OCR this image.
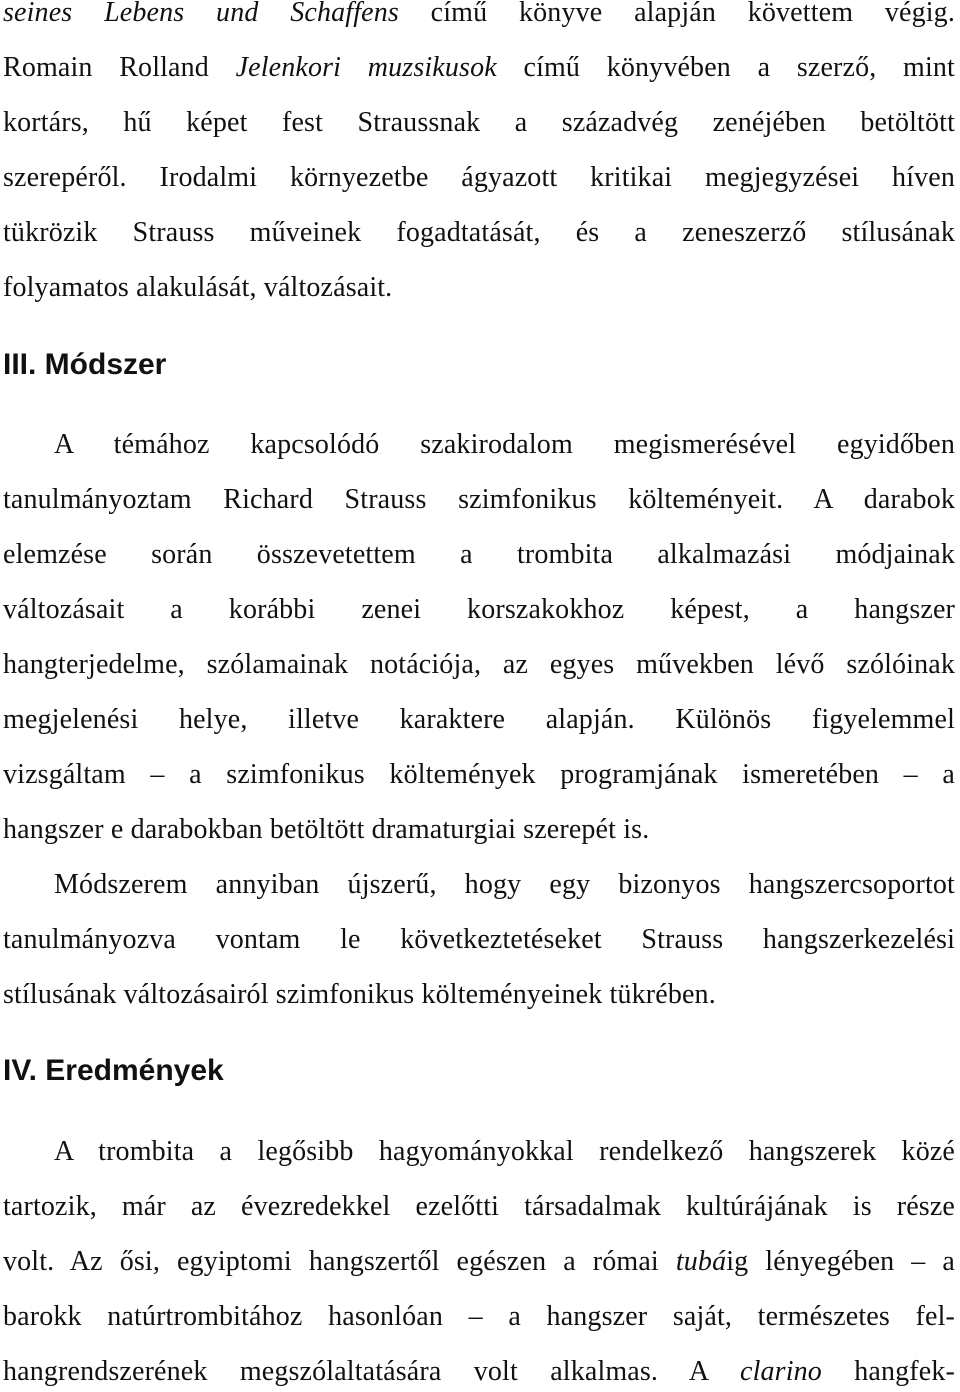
seines Lebens und Schaffens című könyve alapján követtem végig.
Romain Rolland Jelenkori muzsikusok című könyvében a szerző, mint
kortárs, hű képet fest Straussnak a századvég zenéjében betöltött
szerepéről. Irodalmi környezetbe ágyazott kritikai megjegyzései híven
tükrözik Strauss műveinek fogadtatását, és a zeneszerző stílusának
folyamatos alakulását, változásait.
III. Módszer
A témához kapcsolódó szakirodalom megismerésével egyidőben
tanulmányoztam Richard Strauss szimfonikus költeményeit. A darabok
elemzése során összevetettem a trombita alkalmazási módjainak
változásait a korábbi zenei korszakokhoz képest, a hangszer
hangterjedelme, szólamainak notációja, az egyes művekben lévő szólóinak
megjelenési helye, illetve karaktere alapján. Különös figyelemmel
vizsgáltam – a szimfonikus költemények programjának ismeretében – a
hangszer e darabokban betöltött dramaturgiai szerepét is.
Módszerem annyiban újszerű, hogy egy bizonyos hangszercsoportot
tanulmányozva vontam le következtetéseket Strauss hangszerkezelési
stílusának változásairól szimfonikus költeményeinek tükrében.
IV. Eredmények
A trombita a legősibb hagyományokkal rendelkező hangszerek közé
tartozik, már az évezredekkel ezelőtti társadalmak kultúrájának is része
volt. Az ősi, egyiptomi hangszertől egészen a római tubáig lényegében – a
barokk natúrtrombitához hasonlóan – a hangszer saját, természetes fel-
hangrendszerének megszólaltatására volt alkalmas. A clarino hangfek-
